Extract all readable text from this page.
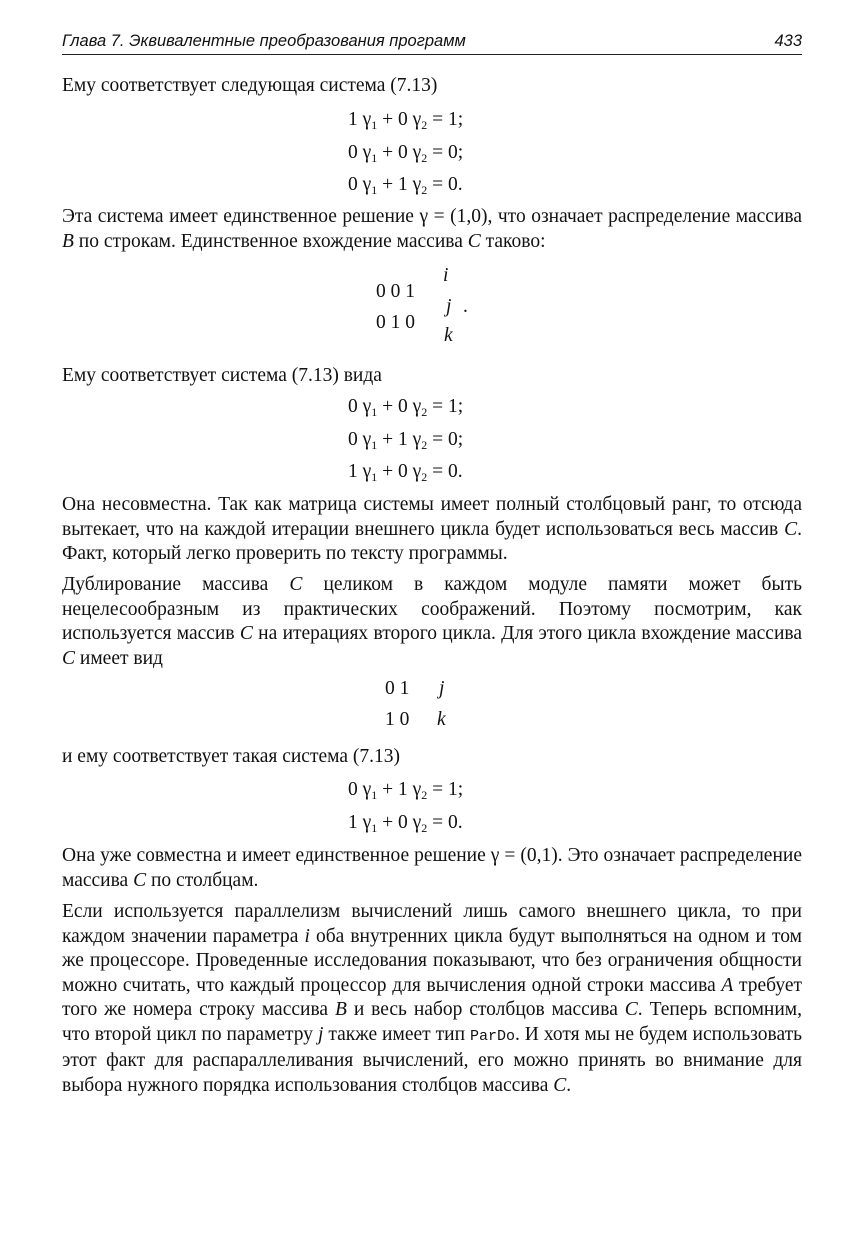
Глава 7. Эквивалентные преобразования программ	433
Ему соответствует следующая система (7.13)
1 $\gamma_1 + 0$ $\gamma_2 = 1$;
0 $\gamma_1 + 0$ $\gamma_2 = 0$;
0 $\gamma_1 + 1$ $\gamma_2 = 0$.
Эта система имеет единственное решение γ = (1,0), что означает распределение массива B по строкам. Единственное вхождение массива C таково:
0 0 1
0 1 0
i
j .
k
Ему соответствует система (7.13) вида
0 $\gamma_1 + 0$ $\gamma_2 = 1$;
0 $\gamma_1 + 1$ $\gamma_2 = 0$;
1 $\gamma_1 + 0$ $\gamma_2 = 0$.
Она несовместна. Так как матрица системы имеет полный столбцовый ранг, то отсюда вытекает, что на каждой итерации внешнего цикла будет использоваться весь массив C. Факт, который легко проверить по тексту программы.
Дублирование массива C целиком в каждом модуле памяти может быть нецелесообразным из практических соображений. Поэтому посмотрим, как используется массив C на итерациях второго цикла. Для этого цикла вхождение массива C имеет вид
0 1
1 0
j
k
и ему соответствует такая система (7.13)
0 $\gamma_1 + 1$ $\gamma_2 = 1$;
1 $\gamma_1 + 0$ $\gamma_2 = 0$.
Она уже совместна и имеет единственное решение γ = (0,1). Это означает распределение массива C по столбцам.
Если используется параллелизм вычислений лишь самого внешнего цикла, то при каждом значении параметра i оба внутренних цикла будут выполняться на одном и том же процессоре. Проведенные исследования показывают, что без ограничения общности можно считать, что каждый процессор для вычисления одной строки массива A требует того же номера строку массива B и весь набор столбцов массива C. Теперь вспомним, что второй цикл по параметру j также имеет тип ParDo. И хотя мы не будем использовать этот факт для распараллеливания вычислений, его можно принять во внимание для выбора нужного порядка использования столбцов массива C.
